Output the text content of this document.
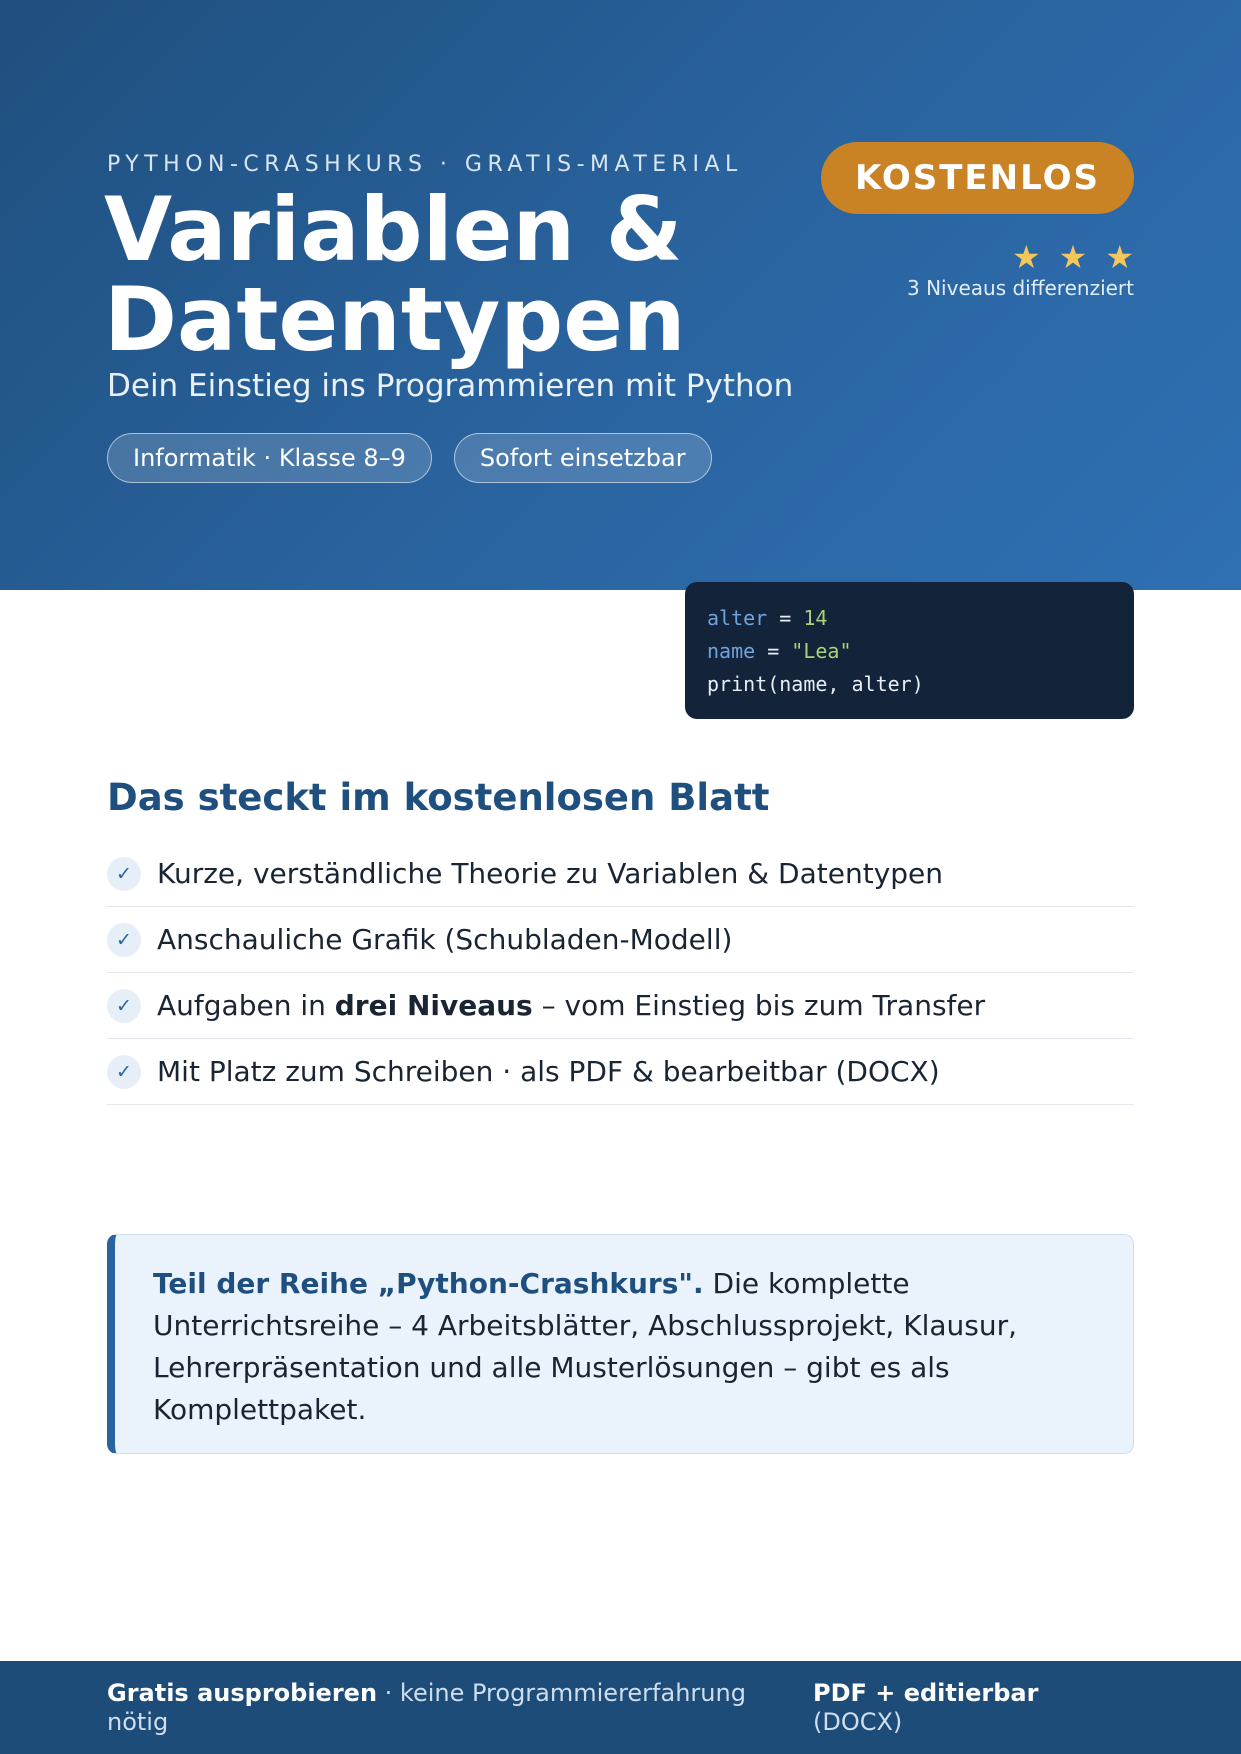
PYTHON-CRASHKURS · GRATIS-MATERIAL
Variablen &
Datentypen
Dein Einstieg ins Programmieren mit Python
Informatik · Klasse 8–9	Sofort einsetzbar
KOSTENLOS
★★★
3 Niveaus differenziert
alter = 14
name = "Lea"
print(name, alter)
Das steckt im kostenlosen Blatt
✓ Kurze, verständliche Theorie zu Variablen & Datentypen
✓ Anschauliche Grafik (Schubladen-Modell)
✓ Aufgaben in drei Niveaus – vom Einstieg bis zum Transfer
✓ Mit Platz zum Schreiben · als PDF & bearbeitbar (DOCX)
Teil der Reihe „Python-Crashkurs". Die komplette Unterrichtsreihe – 4 Arbeitsblätter, Abschlussprojekt, Klausur, Lehrerpräsentation und alle Musterlösungen – gibt es als Komplettpaket.
Gratis ausprobieren · keine Programmiererfahrung nötig
PDF + editierbar
(DOCX)
